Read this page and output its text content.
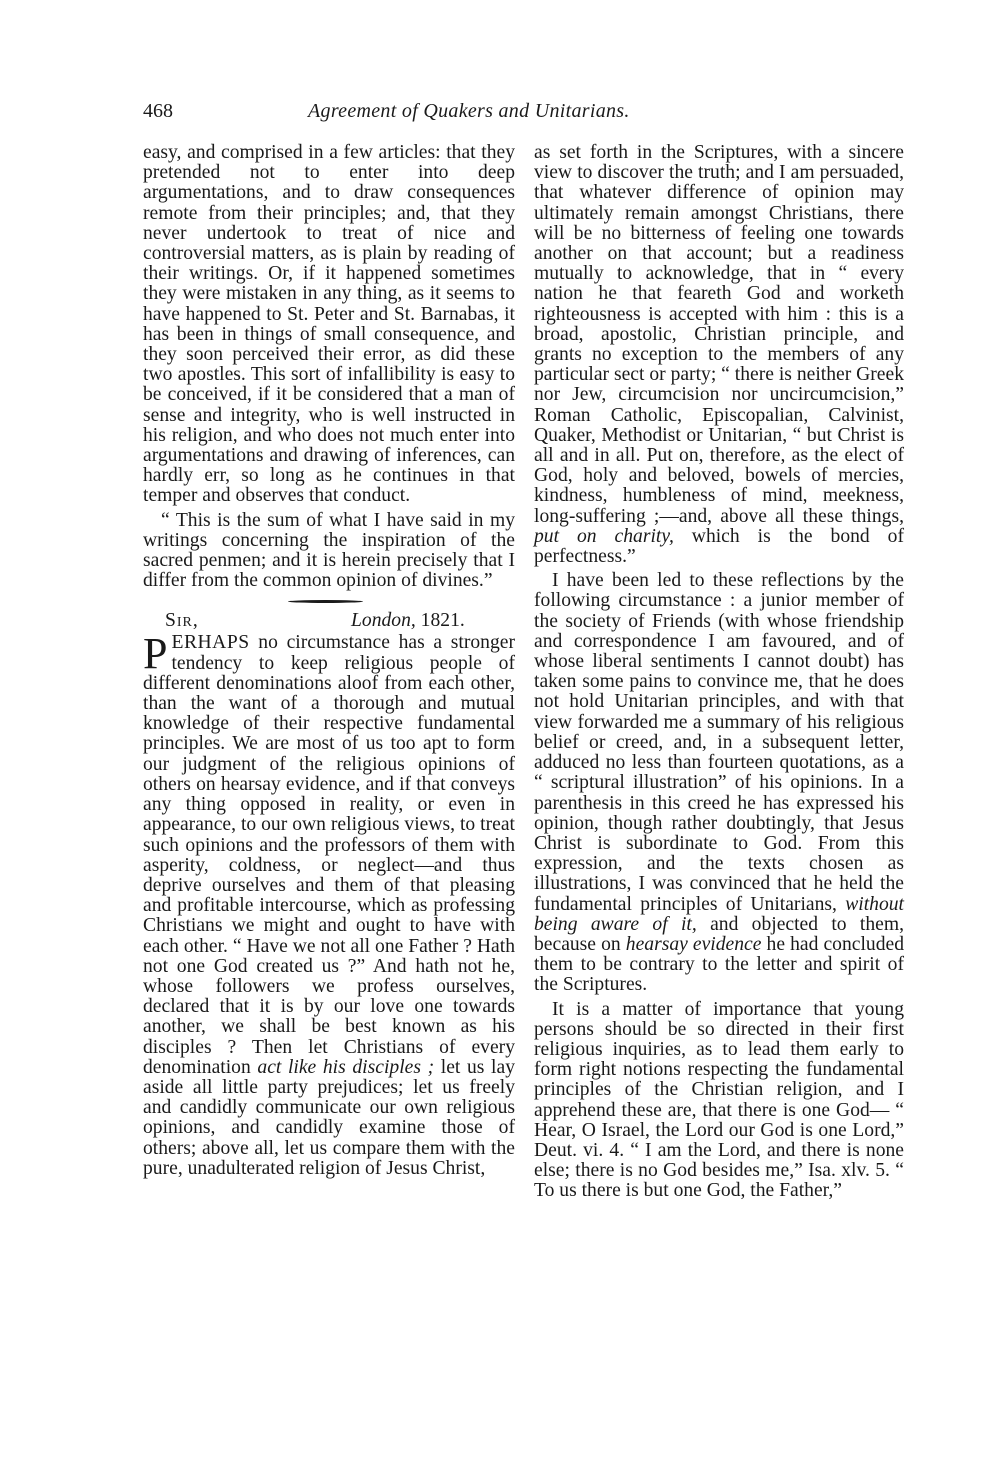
468	Agreement of Quakers and Unitarians.

easy, and comprised in a few articles: that they pretended not to enter into deep argumentations, and to draw consequences remote from their principles; and, that they never undertook to treat of nice and controversial matters, as is plain by reading of their writings. Or, if it happened sometimes they were mistaken in any thing, as it seems to have happened to St. Peter and St. Barnabas, it has been in things of small consequence, and they soon perceived their error, as did these two apostles. This sort of infallibility is easy to be conceived, if it be considered that a man of sense and integrity, who is well instructed in his religion, and who does not much enter into argumentations and drawing of inferences, can hardly err, so long as he continues in that temper and observes that conduct.

“ This is the sum of what I have said in my writings concerning the inspiration of the sacred penmen; and it is herein precisely that I differ from the common opinion of divines.”

Sir,	London, 1821.

PERHAPS no circumstance has a stronger tendency to keep religious people of different denominations aloof from each other, than the want of a thorough and mutual knowledge of their respective fundamental principles. We are most of us too apt to form our judgment of the religious opinions of others on hearsay evidence, and if that conveys any thing opposed in reality, or even in appearance, to our own religious views, to treat such opinions and the professors of them with asperity, coldness, or neglect—and thus deprive ourselves and them of that pleasing and profitable intercourse, which as professing Christians we might and ought to have with each other. “ Have we not all one Father ? Hath not one God created us ?” And hath not he, whose followers we profess ourselves, declared that it is by our love one towards another, we shall be best known as his disciples ? Then let Christians of every denomination act like his disciples ; let us lay aside all little party prejudices; let us freely and candidly communicate our own religious opinions, and candidly examine those of others; above all, let us compare them with the pure, unadulterated religion of Jesus Christ,

as set forth in the Scriptures, with a sincere view to discover the truth; and I am persuaded, that whatever difference of opinion may ultimately remain amongst Christians, there will be no bitterness of feeling one towards another on that account; but a readiness mutually to acknowledge, that in “ every nation he that feareth God and worketh righteousness is accepted with him : this is a broad, apostolic, Christian principle, and grants no exception to the members of any particular sect or party; “ there is neither Greek nor Jew, circumcision nor uncircumcision,” Roman Catholic, Episcopalian, Calvinist, Quaker, Methodist or Unitarian, “ but Christ is all and in all. Put on, therefore, as the elect of God, holy and beloved, bowels of mercies, kindness, humbleness of mind, meekness, long-suffering ;—and, above all these things, put on charity, which is the bond of perfectness.”

I have been led to these reflections by the following circumstance : a junior member of the society of Friends (with whose friendship and correspondence I am favoured, and of whose liberal sentiments I cannot doubt) has taken some pains to convince me, that he does not hold Unitarian principles, and with that view forwarded me a summary of his religious belief or creed, and, in a subsequent letter, adduced no less than fourteen quotations, as a “ scriptural illustration” of his opinions. In a parenthesis in this creed he has expressed his opinion, though rather doubtingly, that Jesus Christ is subordinate to God. From this expression, and the texts chosen as illustrations, I was convinced that he held the fundamental principles of Unitarians, without being aware of it, and objected to them, because on hearsay evidence he had concluded them to be contrary to the letter and spirit of the Scriptures.

It is a matter of importance that young persons should be so directed in their first religious inquiries, as to lead them early to form right notions respecting the fundamental principles of the Christian religion, and I apprehend these are, that there is one God— “ Hear, O Israel, the Lord our God is one Lord,” Deut. vi. 4. “ I am the Lord, and there is none else; there is no God besides me,” Isa. xlv. 5. “ To us there is but one God, the Father,”
